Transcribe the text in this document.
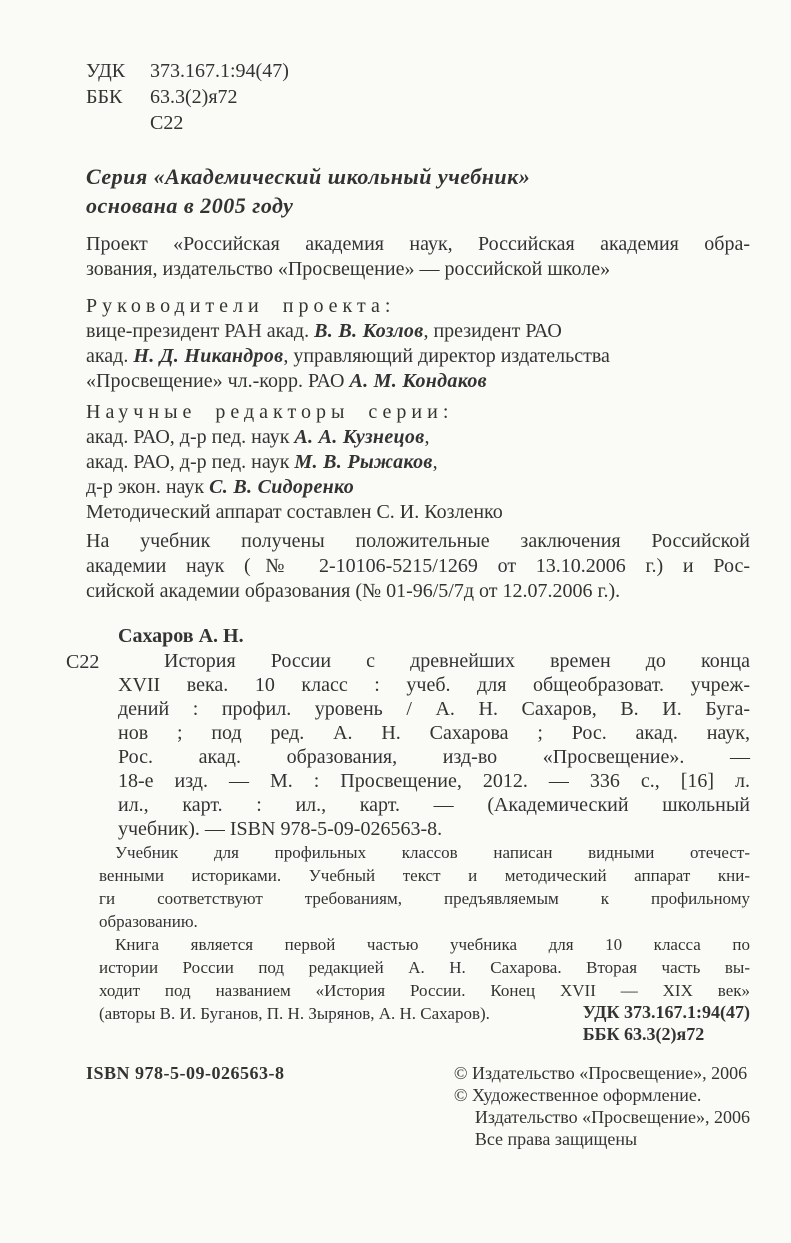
УДК	373.167.1:94(47)
ББК	63.3(2)я72
С22
Серия «Академический школьный учебник»
основана в 2005 году
Проект «Российская академия наук, Российская академия обра-
зования, издательство «Просвещение» — российской школе»
Руководители проекта:
вице-президент РАН акад. В. В. Козлов, президент РАО
акад. Н. Д. Никандров, управляющий директор издательства
«Просвещение» чл.-корр. РАО А. М. Кондаков
Научные редакторы серии:
акад. РАО, д-р пед. наук А. А. Кузнецов,
акад. РАО, д-р пед. наук М. В. Рыжаков,
д-р экон. наук С. В. Сидоренко
Методический аппарат составлен С. И. Козленко
На учебник получены положительные заключения Российской
академии наук (№ 2-10106-5215/1269 от 13.10.2006 г.) и Рос-
сийской академии образования (№ 01-96/5/7д от 12.07.2006 г.).
С22
Сахаров А. Н.
История России с древнейших времен до конца
XVII века. 10 класс : учеб. для общеобразоват. учреж-
дений : профил. уровень / А. Н. Сахаров, В. И. Буга-
нов ; под ред. А. Н. Сахарова ; Рос. акад. наук,
Рос. акад. образования, изд-во «Просвещение». —
18-е изд. — М. : Просвещение, 2012. — 336 с., [16] л.
ил., карт. : ил., карт. — (Академический школьный
учебник). — ISBN 978-5-09-026563-8.
Учебник для профильных классов написан видными отечест-
венными историками. Учебный текст и методический аппарат кни-
ги соответствуют требованиям, предъявляемым к профильному
образованию.
Книга является первой частью учебника для 10 класса по
истории России под редакцией А. Н. Сахарова. Вторая часть вы-
ходит под названием «История России. Конец XVII — XIX век»
(авторы В. И. Буганов, П. Н. Зырянов, А. Н. Сахаров).	УДК 373.167.1:94(47)
ББК 63.3(2)я72
ISBN 978-5-09-026563-8	© Издательство «Просвещение», 2006
© Художественное оформление.
Издательство «Просвещение», 2006
Все права защищены
